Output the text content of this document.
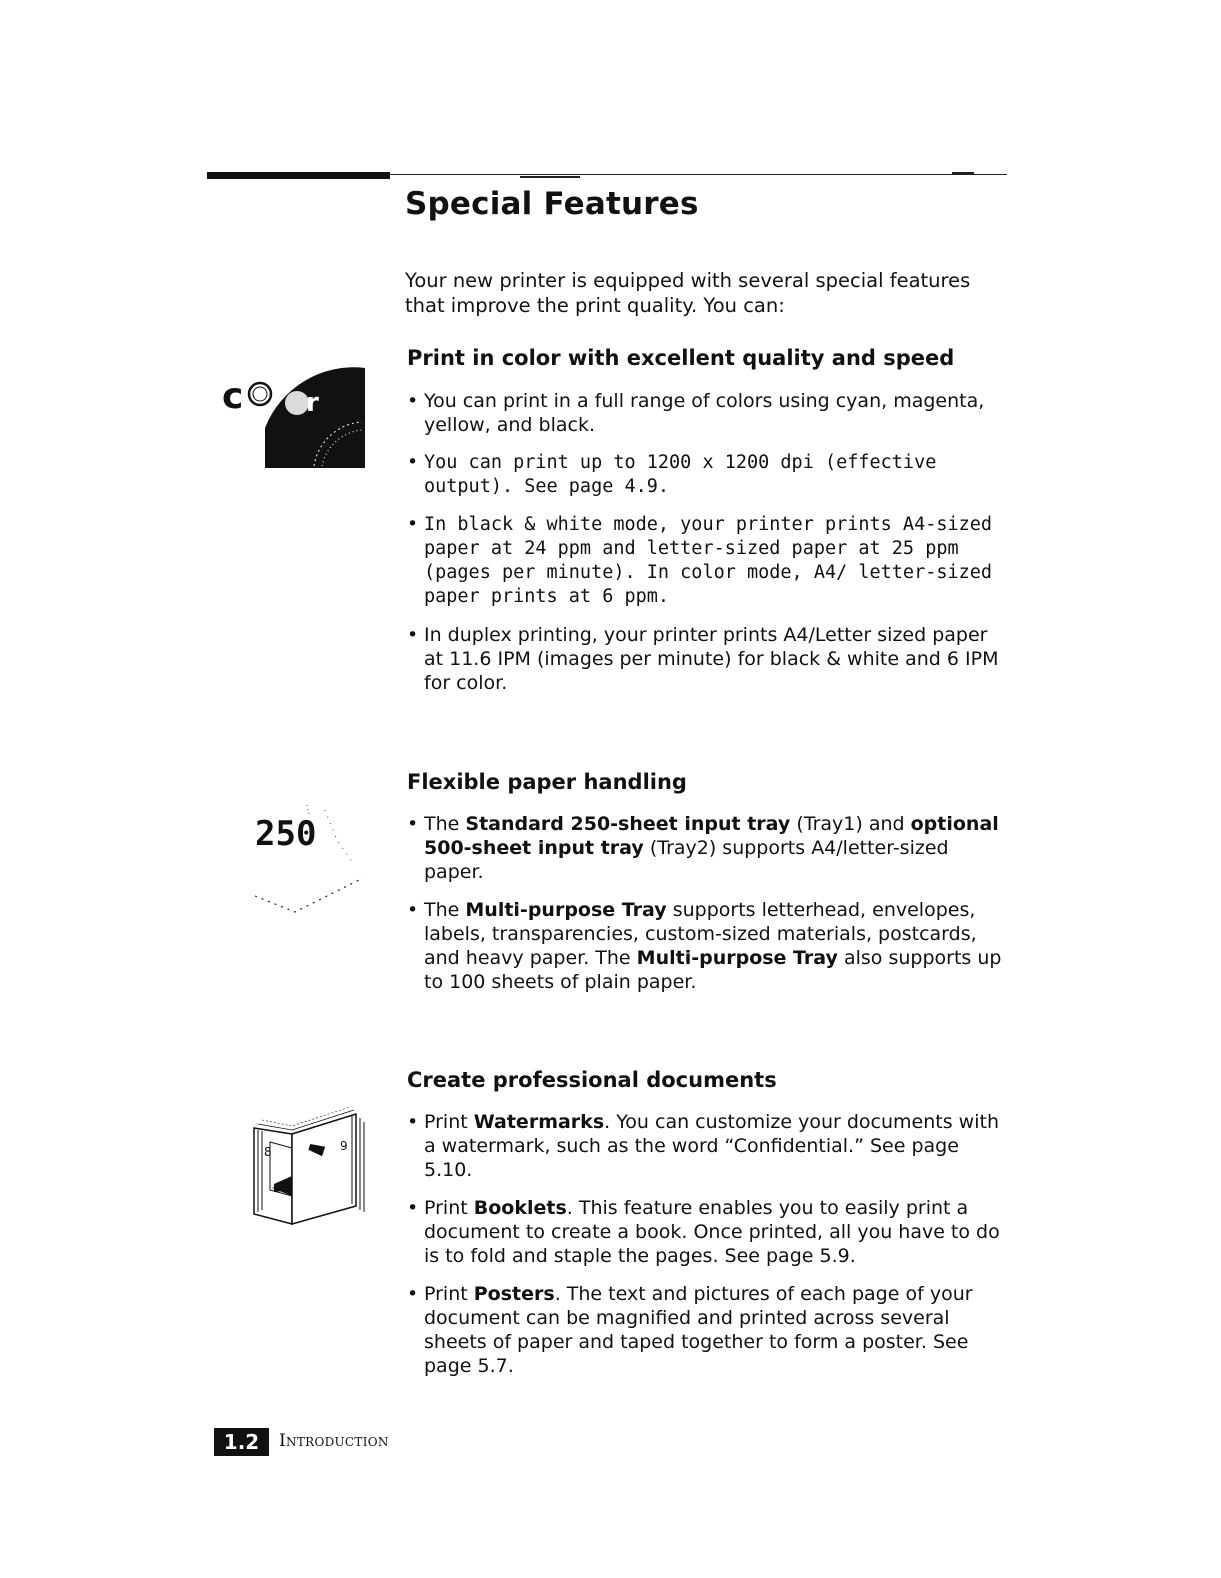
Special Features

Your new printer is equipped with several special features that improve the print quality. You can:

c r
Print in color with excellent quality and speed
• You can print in a full range of colors using cyan, magenta, yellow, and black.
• You can print up to 1200 x 1200 dpi (effective output). See page 4.9.
• In black & white mode, your printer prints A4-sized paper at 24 ppm and letter-sized paper at 25 ppm (pages per minute). In color mode, A4/ letter-sized paper prints at 6 ppm.
• In duplex printing, your printer prints A4/Letter sized paper at 11.6 IPM (images per minute) for black & white and 6 IPM for color.
250
Flexible paper handling
• The Standard 250-sheet input tray (Tray1) and optional 500-sheet input tray (Tray2) supports A4/letter-sized paper.
• The Multi-purpose Tray supports letterhead, envelopes, labels, transparencies, custom-sized materials, postcards, and heavy paper. The Multi-purpose Tray also supports up to 100 sheets of plain paper.
8	9
Create professional documents
• Print Watermarks. You can customize your documents with a watermark, such as the word “Confidential.” See page 5.10.
• Print Booklets. This feature enables you to easily print a document to create a book. Once printed, all you have to do is to fold and staple the pages. See page 5.9.
• Print Posters. The text and pictures of each page of your document can be magnified and printed across several sheets of paper and taped together to form a poster. See page 5.7.
1.2	Introduction
